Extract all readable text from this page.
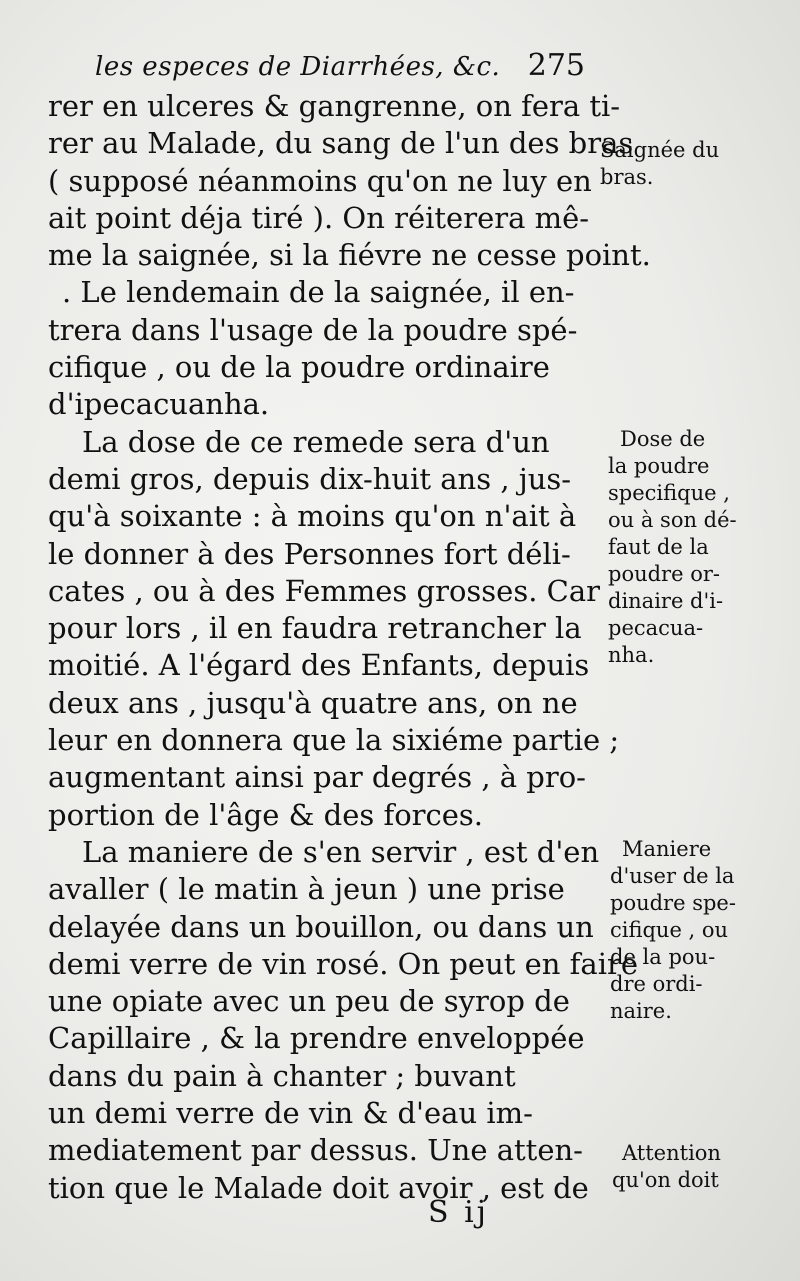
les especes de Diarrhées, &c. 275
rer en ulceres & gangrenne, on fera ti-
rer au Malade, du sang de l'un des bras
( supposé néanmoins qu'on ne luy en
ait point déja tiré ). On réiterera mê-
me la saignée, si la fiévre ne cesse point.
. Le lendemain de la saignée, il en-
trera dans l'usage de la poudre spé-
cifique , ou de la poudre ordinaire
d'ipecacuanha.
La dose de ce remede sera d'un
demi gros, depuis dix-huit ans , jus-
qu'à soixante : à moins qu'on n'ait à
le donner à des Personnes fort déli-
cates , ou à des Femmes grosses. Car
pour lors , il en faudra retrancher la
moitié. A l'égard des Enfants, depuis
deux ans , jusqu'à quatre ans, on ne
leur en donnera que la sixiéme partie ;
augmentant ainsi par degrés , à pro-
portion de l'âge & des forces.
La maniere de s'en servir , est d'en
avaller ( le matin à jeun ) une prise
delayée dans un bouillon, ou dans un
demi verre de vin rosé. On peut en faire
une opiate avec un peu de syrop de
Capillaire , & la prendre enveloppée
dans du pain à chanter ; buvant
un demi verre de vin & d'eau im-
mediatement par dessus. Une atten-
tion que le Malade doit avoir , est de
Saignée du
bras.
Dose de
la poudre
specifique ,
ou à son dé-
faut de la
poudre or-
dinaire d'i-
pecacua-
nha.
Maniere
d'user de la
poudre spe-
cifique , ou
de la pou-
dre ordi-
naire.
Attention
qu'on doit
S ij
